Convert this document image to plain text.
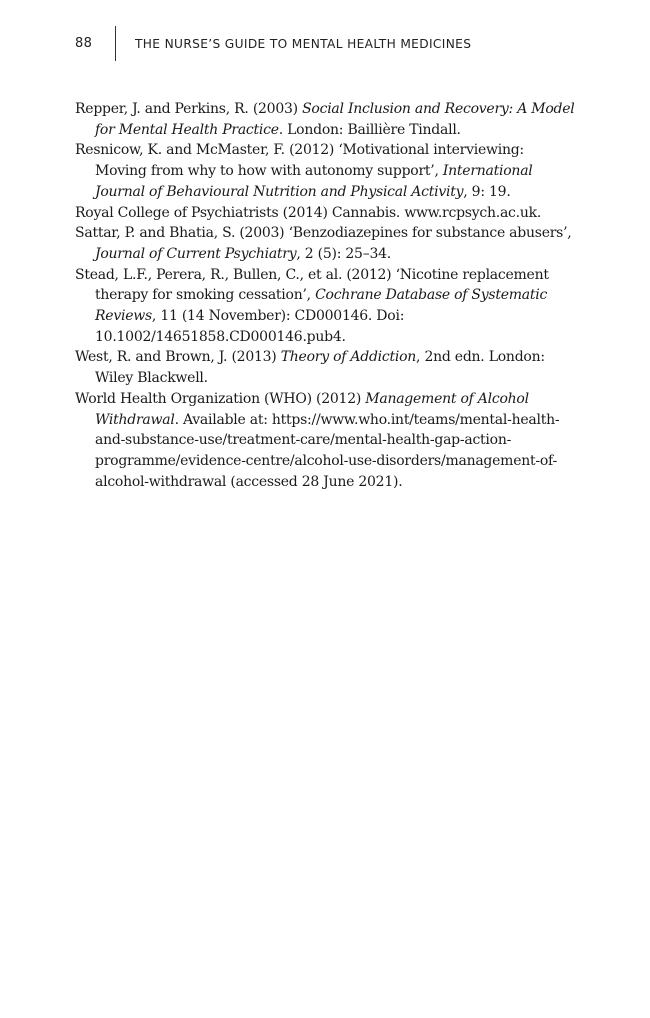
88	THE NURSE’S GUIDE TO MENTAL HEALTH MEDICINES
Repper, J. and Perkins, R. (2003) Social Inclusion and Recovery: A Model for Mental Health Practice. London: Baillière Tindall.
Resnicow, K. and McMaster, F. (2012) ‘Motivational interviewing: Moving from why to how with autonomy support’, International Journal of Behavioural Nutrition and Physical Activity, 9: 19.
Royal College of Psychiatrists (2014) Cannabis. www.rcpsych.ac.uk.
Sattar, P. and Bhatia, S. (2003) ‘Benzodiazepines for substance abusers’, Journal of Current Psychiatry, 2 (5): 25–34.
Stead, L.F., Perera, R., Bullen, C., et al. (2012) ‘Nicotine replacement therapy for smoking cessation’, Cochrane Database of Systematic Reviews, 11 (14 November): CD000146. Doi: 10.1002/14651858.CD000146.pub4.
West, R. and Brown, J. (2013) Theory of Addiction, 2nd edn. London: Wiley Blackwell.
World Health Organization (WHO) (2012) Management of Alcohol Withdrawal. Available at: https://www.who.int/teams/mental-health-and-substance-use/treatment-care/mental-health-gap-action-programme/evidence-centre/alcohol-use-disorders/management-of-alcohol-withdrawal (accessed 28 June 2021).
